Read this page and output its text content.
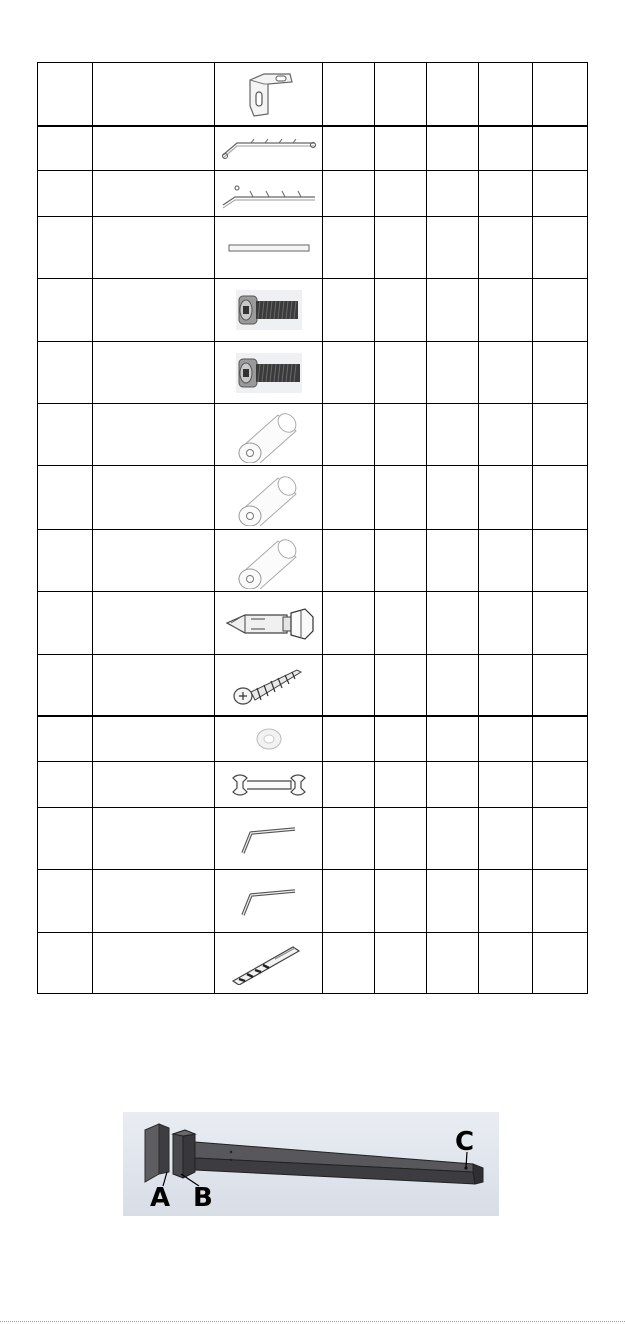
A B
C
